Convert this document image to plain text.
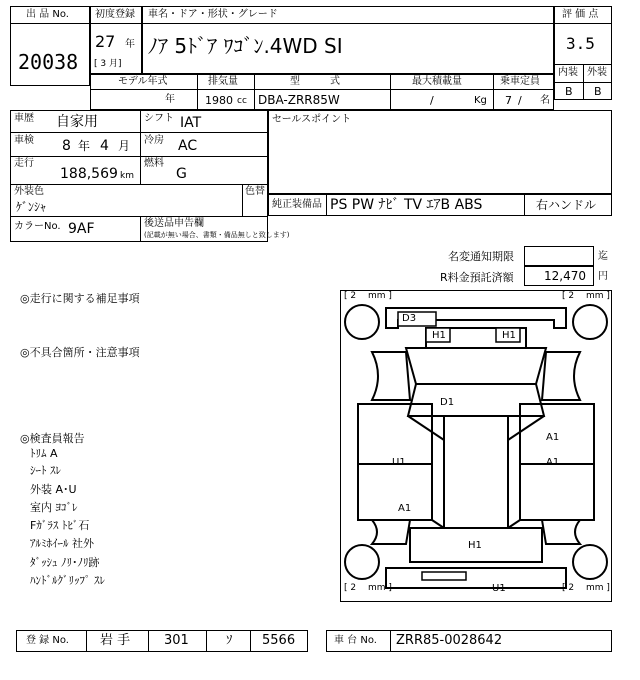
出 品 No.
20038
初度登録
27 年
[ 3 月]
車名・ドア・形状・グレード
ﾉｱ 5ﾄﾞｱ ﾜｺﾞﾝ.4WD SI
評 価 点
3.5
内装 外装
B B
モデル年式	排気量	型　　　式	最大積載量	乗車定員
年	1980 cc DBA-ZRR85W	/	Kg 7 / 名
車歴 自家用	シフト IAT
車検 8 年 4 月 冷房 AC
走行
188,569 km
燃料
G
外装色
ｹﾞﾝｼｬ
色替
カラーNo. 9AF	後送品申告欄
(記載が無い場合、書類・備品無しと致します)
セールスポイント
純正装備品 PS PW ﾅﾋﾞ TV ｴｱB ABS	右ハンドル
名変通知期限	迄
R料金預託済額	12,470 円
◎走行に関する補足事項
◎不具合箇所・注意事項
◎検査員報告
ﾄﾘﾑ A
ｼｰﾄ ｽﾚ
外装 A･U
室内 ﾖｺﾞﾚ
Fｶﾞﾗｽ ﾄﾋﾞ石
ｱﾙﾐﾎｲｰﾙ 社外
ﾀﾞｯｼｭ ﾉﾘ･ﾉﾘ跡
ﾊﾝﾄﾞﾙｸﾞﾘｯﾌﾟ ｽﾚ
[ 2 　mm ]	[ 2 　mm ]
[ 2 　mm ]	[ 2 　mm ]
D3
H1	H1
D1
A1
U1	A1
A1
H1
U1
登 録 No. 岩 手	301	ｿ 5566	車 台 No. ZRR85-0028642
